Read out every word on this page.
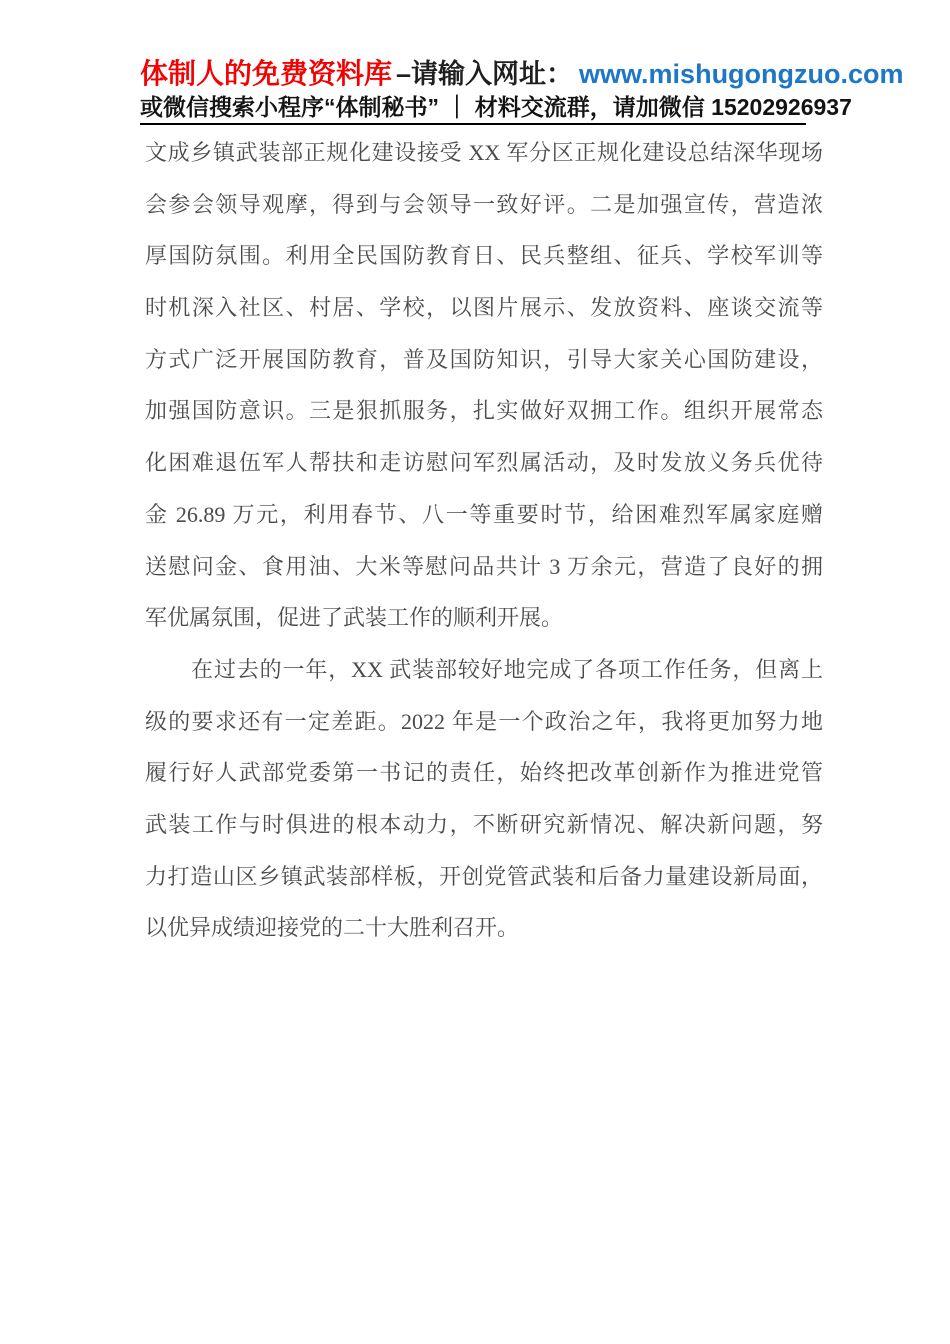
体制人的免费资料库 –请输入网址： www.mishugongzuo.com
或微信搜索小程序“体制秘书” ｜ 材料交流群，请加微信 15202926937
文成乡镇武装部正规化建设接受 XX 军分区正规化建设总结深华现场
会参会领导观摩，得到与会领导一致好评。二是加强宣传，营造浓
厚国防氛围。利用全民国防教育日、民兵整组、征兵、学校军训等
时机深入社区、村居、学校，以图片展示、发放资料、座谈交流等
方式广泛开展国防教育，普及国防知识，引导大家关心国防建设，
加强国防意识。三是狠抓服务，扎实做好双拥工作。组织开展常态
化困难退伍军人帮扶和走访慰问军烈属活动，及时发放义务兵优待
金 26.89 万元，利用春节、八一等重要时节，给困难烈军属家庭赠
送慰问金、食用油、大米等慰问品共计 3 万余元，营造了良好的拥
军优属氛围，促进了武装工作的顺利开展。
在过去的一年，XX 武装部较好地完成了各项工作任务，但离上
级的要求还有一定差距。2022 年是一个政治之年，我将更加努力地
履行好人武部党委第一书记的责任，始终把改革创新作为推进党管
武装工作与时俱进的根本动力，不断研究新情况、解决新问题，努
力打造山区乡镇武装部样板，开创党管武装和后备力量建设新局面，
以优异成绩迎接党的二十大胜利召开。
